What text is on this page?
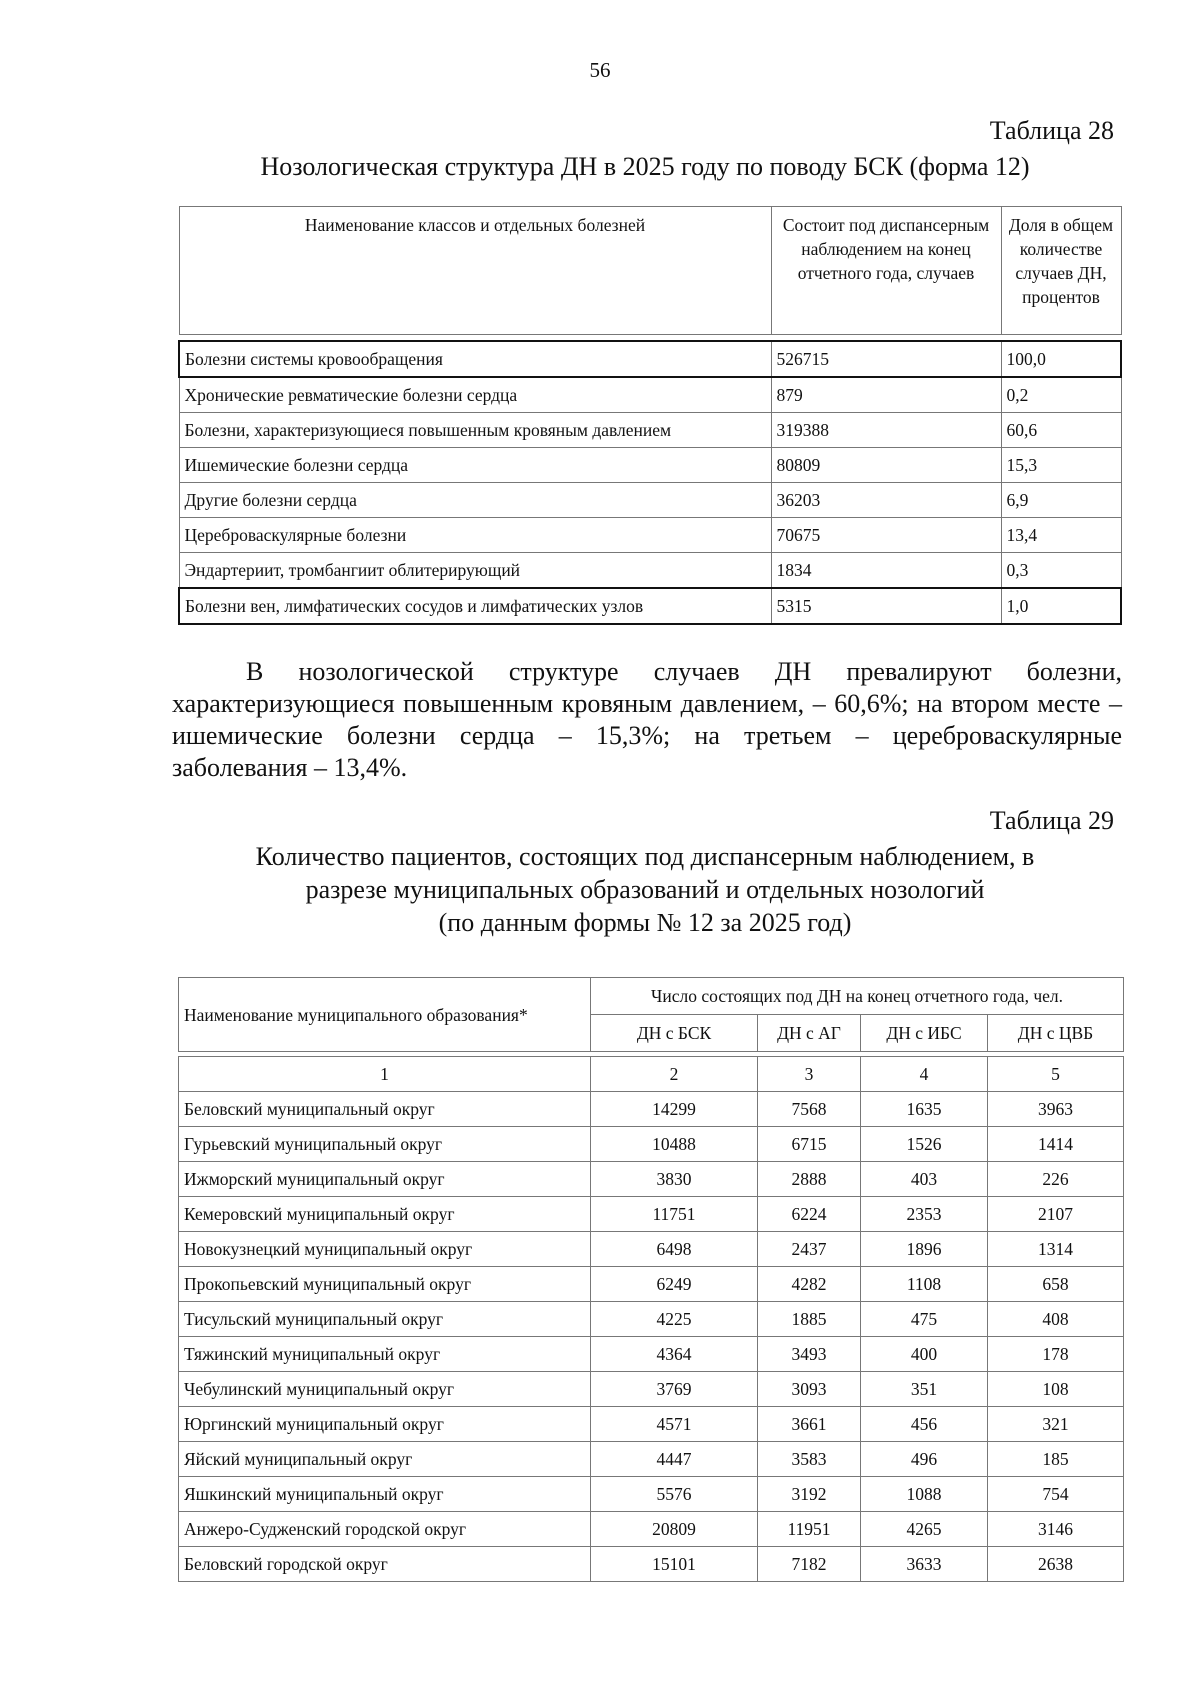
56
Таблица 28
Нозологическая структура ДН в 2025 году по поводу БСК (форма 12)
Наименование классов и отдельных болезней	Состоит под диспансерным наблюдением на конец отчетного года, случаев	Доля в общем количестве случаев ДН, процентов

Болезни системы кровообращения	526715	100,0
Хронические ревматические болезни сердца	879	0,2
Болезни, характеризующиеся повышенным кровяным давлением	319388	60,6
Ишемические болезни сердца	80809	15,3
Другие болезни сердца	36203	6,9
Цереброваскулярные болезни	70675	13,4
Эндартериит, тромбангиит облитерирующий	1834	0,3
Болезни вен, лимфатических сосудов и лимфатических узлов	5315	1,0
В нозологической структуре случаев ДН превалируют болезни, характеризующиеся повышенным кровяным давлением, – 60,6%; на втором месте – ишемические болезни сердца – 15,3%; на третьем – цереброваскулярные заболевания – 13,4%.
Таблица 29
Количество пациентов, состоящих под диспансерным наблюдением, в
разрезе муниципальных образований и отдельных нозологий
(по данным формы № 12 за 2025 год)
Наименование муниципального образования*	Число состоящих под ДН на конец отчетного года, чел.			
	ДН с БСК	ДН с АГ	ДН с ИБС	ДН с ЦВБ

1	2	3	4	5
Беловский муниципальный округ	14299	7568	1635	3963
Гурьевский муниципальный округ	10488	6715	1526	1414
Ижморский муниципальный округ	3830	2888	403	226
Кемеровский муниципальный округ	11751	6224	2353	2107
Новокузнецкий муниципальный округ	6498	2437	1896	1314
Прокопьевский муниципальный округ	6249	4282	1108	658
Тисульский муниципальный округ	4225	1885	475	408
Тяжинский муниципальный округ	4364	3493	400	178
Чебулинский муниципальный округ	3769	3093	351	108
Юргинский муниципальный округ	4571	3661	456	321
Яйский муниципальный округ	4447	3583	496	185
Яшкинский муниципальный округ	5576	3192	1088	754
Анжеро-Судженский городской округ	20809	11951	4265	3146
Беловский городской округ	15101	7182	3633	2638
